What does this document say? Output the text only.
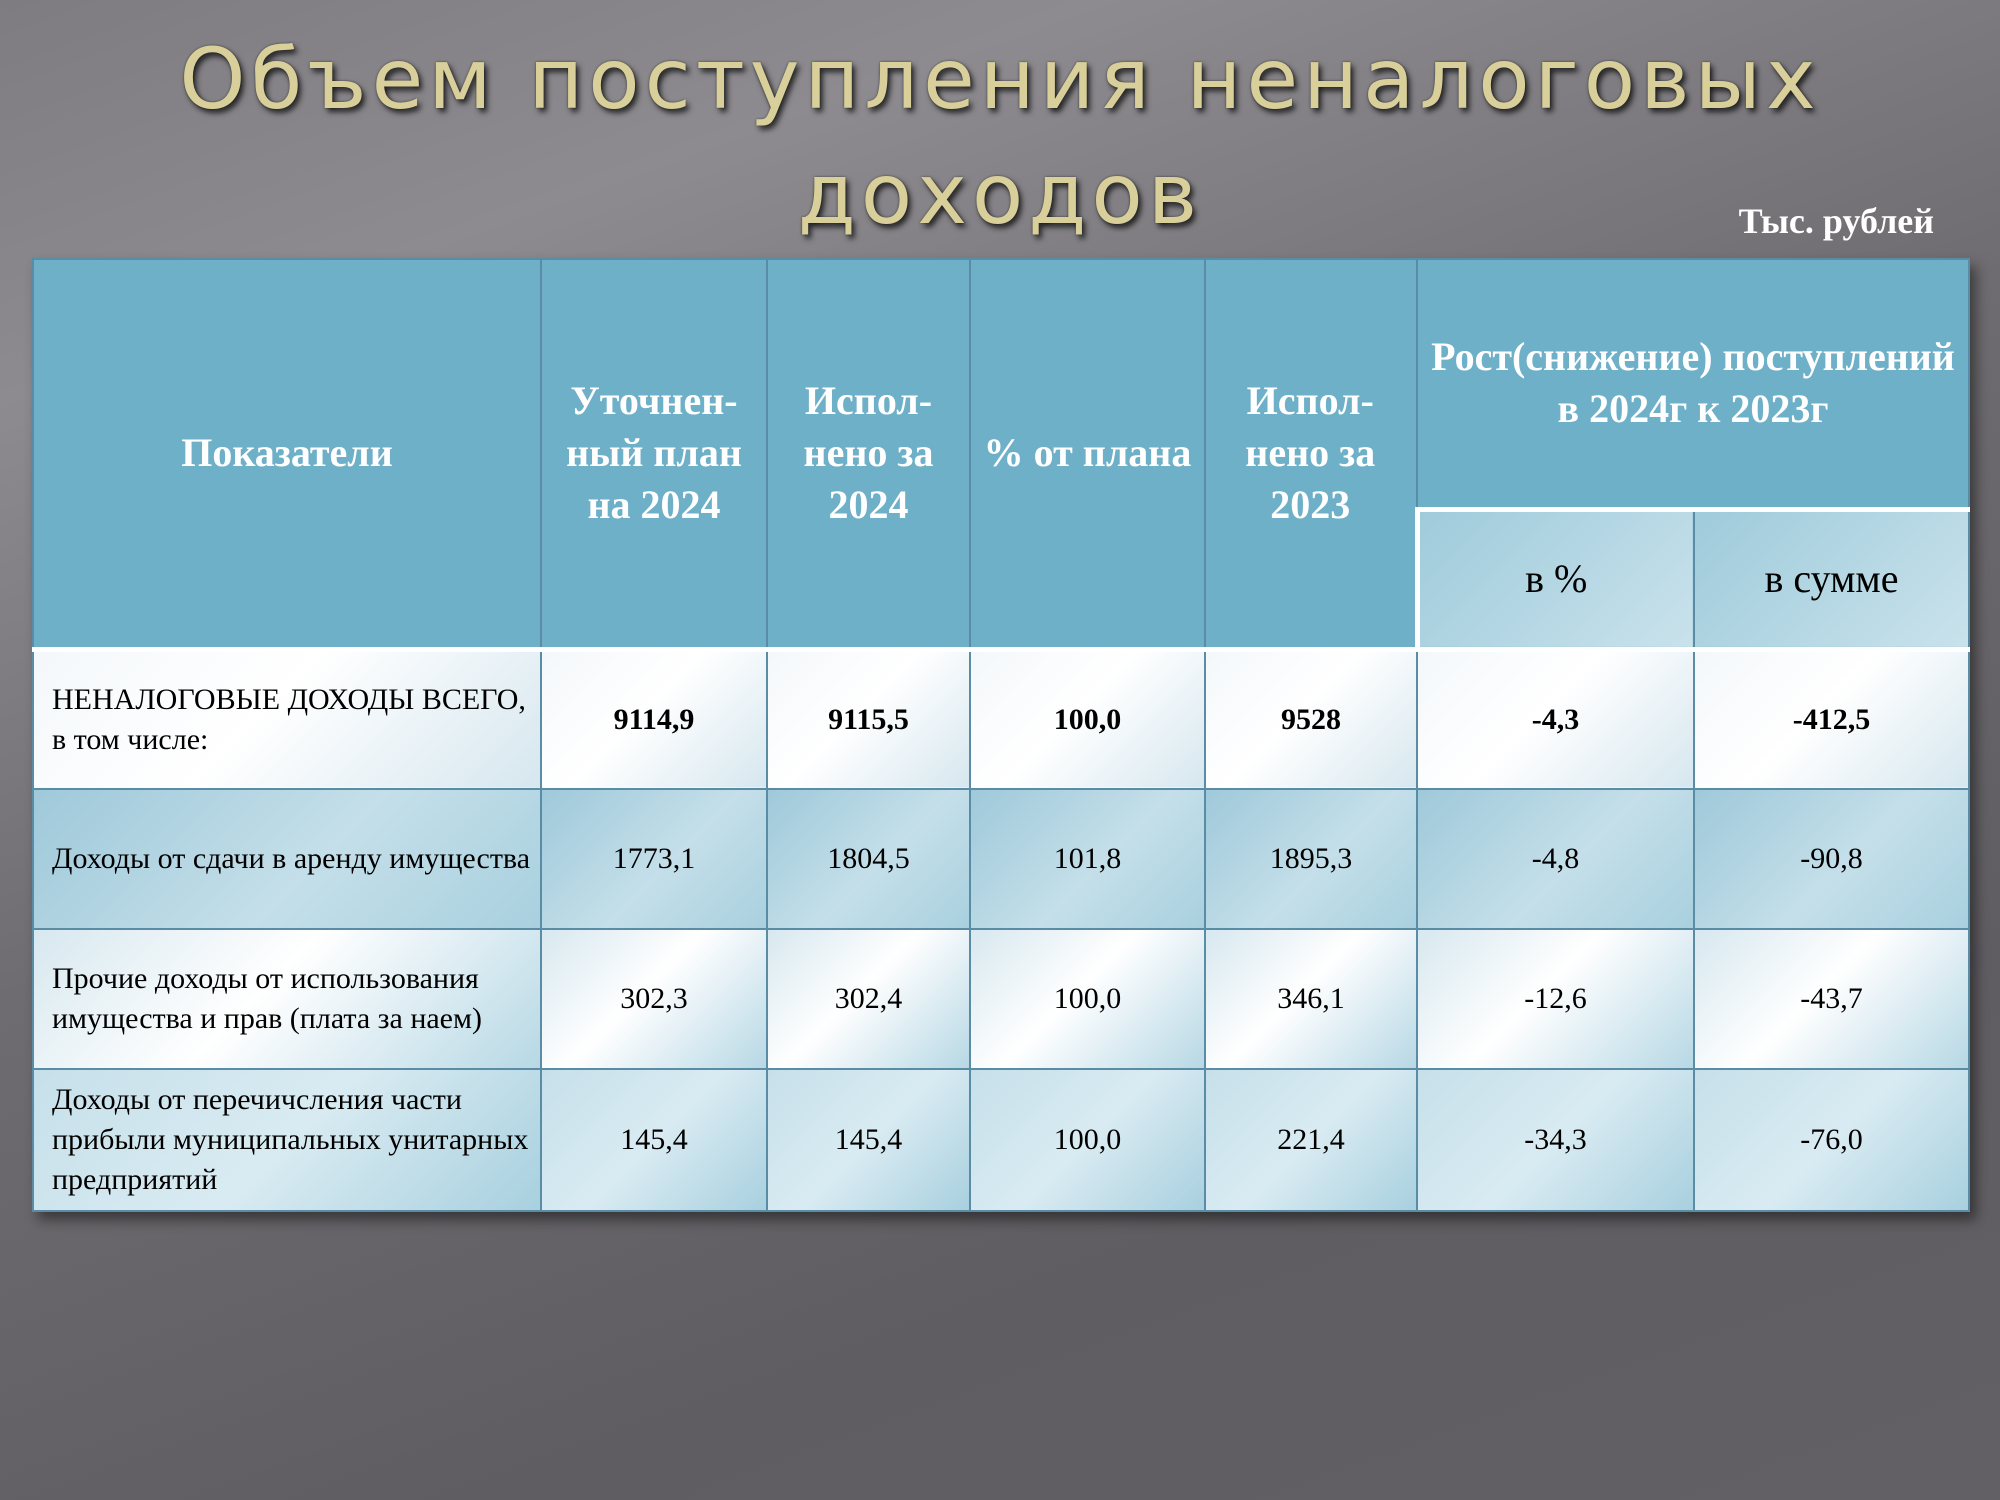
Объем поступления неналоговых доходов	Тыс. рублей
Показатели	Уточнен-ный план на 2024	Испол-нено за 2024	% от плана	Испол-нено за 2023	Рост(снижение) поступлений в 2024г к 2023г	
					в %	в сумме
НЕНАЛОГОВЫЕ ДОХОДЫ ВСЕГО, в том числе:	9114,9	9115,5	100,0	9528	-4,3	-412,5
Доходы от сдачи в аренду имущества	1773,1	1804,5	101,8	1895,3	-4,8	-90,8
Прочие доходы от использования имущества и прав (плата за наем)	302,3	302,4	100,0	346,1	-12,6	-43,7
Доходы от перечичсления части прибыли муниципальных унитарных предприятий	145,4	145,4	100,0	221,4	-34,3	-76,0
